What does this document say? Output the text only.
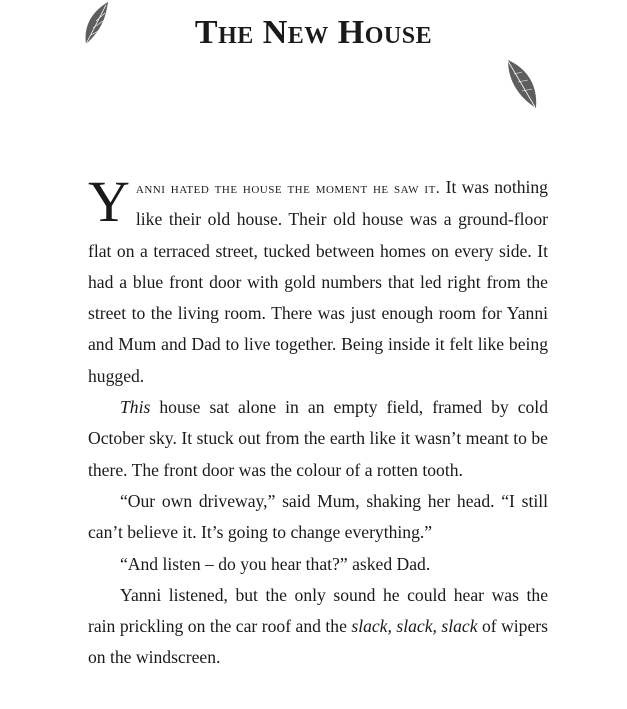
The New House

Yanni hated the house the moment he saw it. It was nothing like their old house. Their old house was a ground-floor flat on a terraced street, tucked between homes on every side. It had a blue front door with gold numbers that led right from the street to the living room. There was just enough room for Yanni and Mum and Dad to live together. Being inside it felt like being hugged.

This house sat alone in an empty field, framed by cold October sky. It stuck out from the earth like it wasn’t meant to be there. The front door was the colour of a rotten tooth.

“Our own driveway,” said Mum, shaking her head. “I still can’t believe it. It’s going to change everything.”

“And listen – do you hear that?” asked Dad.

Yanni listened, but the only sound he could hear was the rain prickling on the car roof and the slack, slack, slack of wipers on the windscreen.
